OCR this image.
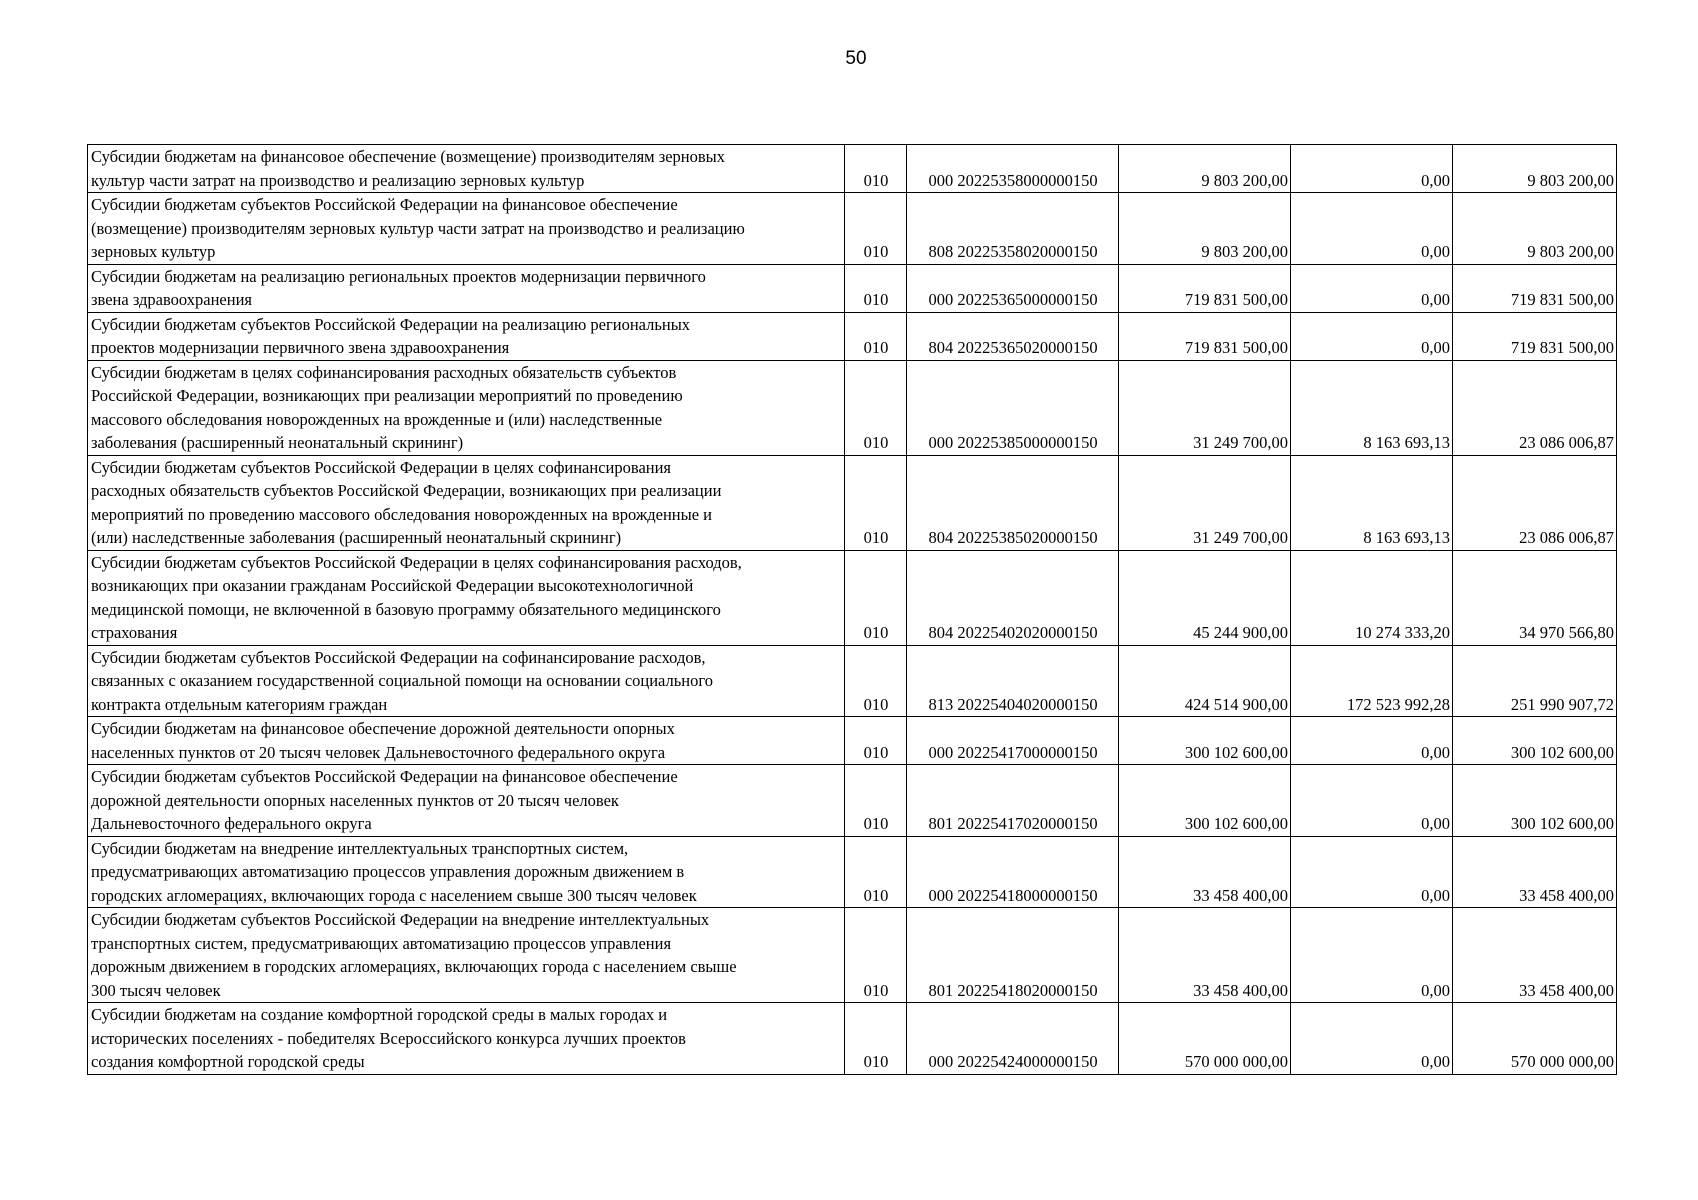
50
Субсидии бюджетам на финансовое обеспечение (возмещение) производителям зерновых
культур части затрат на производство и реализацию зерновых культур	010	000 20225358000000150	9 803 200,00	0,00	9 803 200,00
Субсидии бюджетам субъектов Российской Федерации на финансовое обеспечение
(возмещение) производителям зерновых культур части затрат на производство и реализацию
зерновых культур	010	808 20225358020000150	9 803 200,00	0,00	9 803 200,00
Субсидии бюджетам на реализацию региональных проектов модернизации первичного
звена здравоохранения	010	000 20225365000000150	719 831 500,00	0,00	719 831 500,00
Субсидии бюджетам субъектов Российской Федерации на реализацию региональных
проектов модернизации первичного звена здравоохранения	010	804 20225365020000150	719 831 500,00	0,00	719 831 500,00
Субсидии бюджетам в целях софинансирования расходных обязательств субъектов
Российской Федерации, возникающих при реализации мероприятий по проведению
массового обследования новорожденных на врожденные и (или) наследственные
заболевания (расширенный неонатальный скрининг)	010	000 20225385000000150	31 249 700,00	8 163 693,13	23 086 006,87
Субсидии бюджетам субъектов Российской Федерации в целях софинансирования
расходных обязательств субъектов Российской Федерации, возникающих при реализации
мероприятий по проведению массового обследования новорожденных на врожденные и
(или) наследственные заболевания (расширенный неонатальный скрининг)	010	804 20225385020000150	31 249 700,00	8 163 693,13	23 086 006,87
Субсидии бюджетам субъектов Российской Федерации в целях софинансирования расходов,
возникающих при оказании гражданам Российской Федерации высокотехнологичной
медицинской помощи, не включенной в базовую программу обязательного медицинского
страхования	010	804 20225402020000150	45 244 900,00	10 274 333,20	34 970 566,80
Субсидии бюджетам субъектов Российской Федерации на софинансирование расходов,
связанных с оказанием государственной социальной помощи на основании социального
контракта отдельным категориям граждан	010	813 20225404020000150	424 514 900,00	172 523 992,28	251 990 907,72
Субсидии бюджетам на финансовое обеспечение дорожной деятельности опорных
населенных пунктов от 20 тысяч человек Дальневосточного федерального округа	010	000 20225417000000150	300 102 600,00	0,00	300 102 600,00
Субсидии бюджетам субъектов Российской Федерации на финансовое обеспечение
дорожной деятельности опорных населенных пунктов от 20 тысяч человек
Дальневосточного федерального округа	010	801 20225417020000150	300 102 600,00	0,00	300 102 600,00
Субсидии бюджетам на внедрение интеллектуальных транспортных систем,
предусматривающих автоматизацию процессов управления дорожным движением в
городских агломерациях, включающих города с населением свыше 300 тысяч человек	010	000 20225418000000150	33 458 400,00	0,00	33 458 400,00
Субсидии бюджетам субъектов Российской Федерации на внедрение интеллектуальных
транспортных систем, предусматривающих автоматизацию процессов управления
дорожным движением в городских агломерациях, включающих города с населением свыше
300 тысяч человек	010	801 20225418020000150	33 458 400,00	0,00	33 458 400,00
Субсидии бюджетам на создание комфортной городской среды в малых городах и
исторических поселениях - победителях Всероссийского конкурса лучших проектов
создания комфортной городской среды	010	000 20225424000000150	570 000 000,00	0,00	570 000 000,00
